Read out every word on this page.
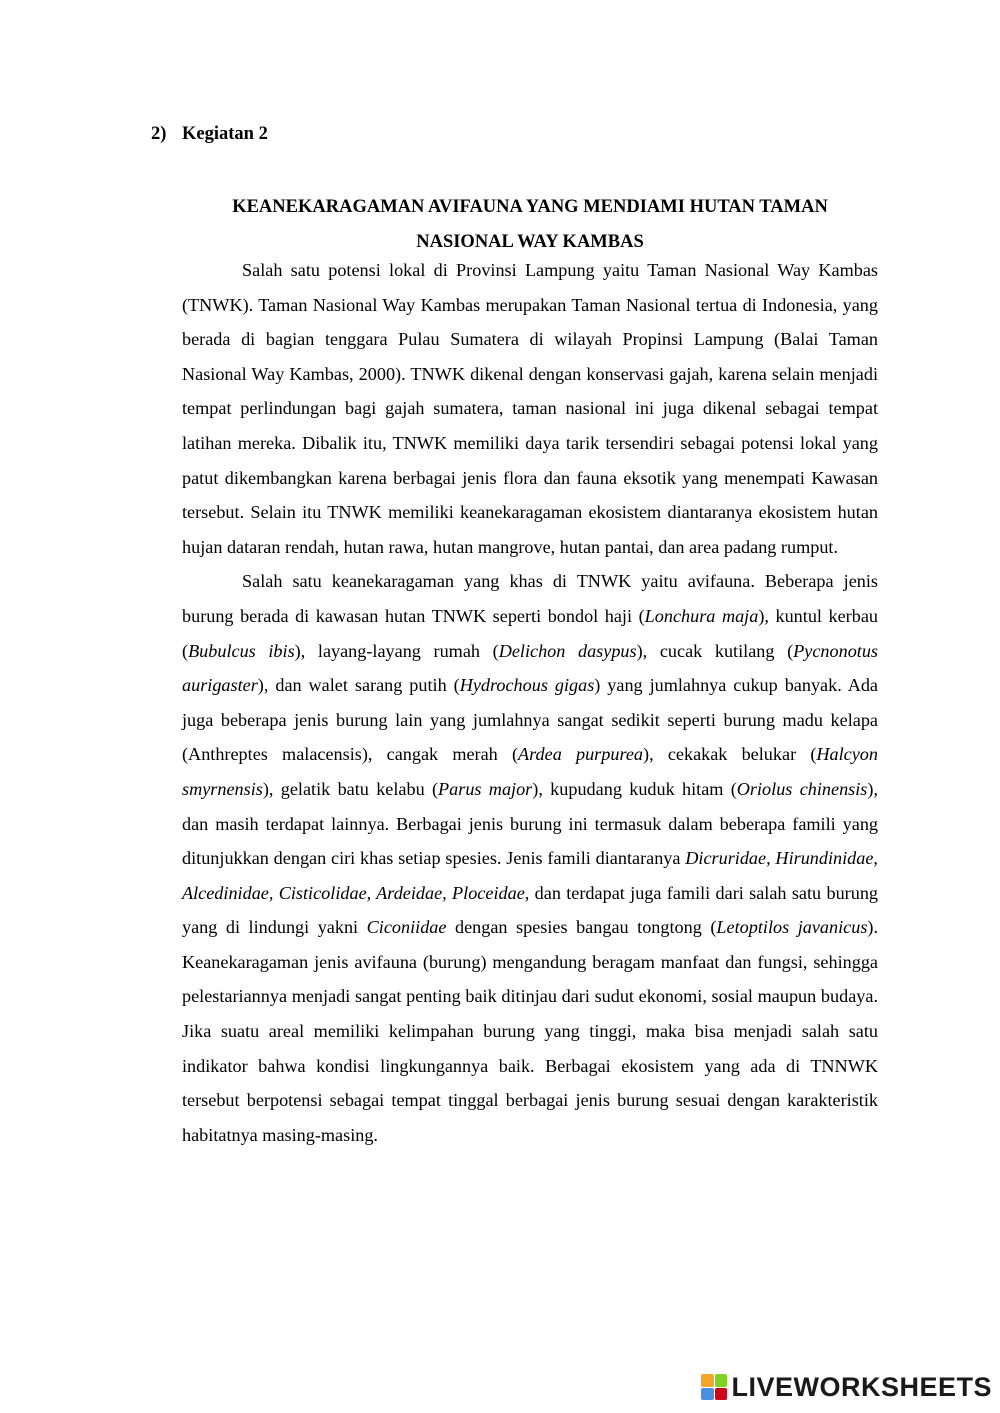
2) Kegiatan 2

KEANEKARAGAMAN AVIFAUNA YANG MENDIAMI HUTAN TAMAN
NASIONAL WAY KAMBAS

Salah satu potensi lokal di Provinsi Lampung yaitu Taman Nasional Way Kambas (TNWK). Taman Nasional Way Kambas merupakan Taman Nasional tertua di Indonesia, yang berada di bagian tenggara Pulau Sumatera di wilayah Propinsi Lampung (Balai Taman Nasional Way Kambas, 2000). TNWK dikenal dengan konservasi gajah, karena selain menjadi tempat perlindungan bagi gajah sumatera, taman nasional ini juga dikenal sebagai tempat latihan mereka. Dibalik itu, TNWK memiliki daya tarik tersendiri sebagai potensi lokal yang patut dikembangkan karena berbagai jenis flora dan fauna eksotik yang menempati Kawasan tersebut. Selain itu TNWK memiliki keanekaragaman ekosistem diantaranya ekosistem hutan hujan dataran rendah, hutan rawa, hutan mangrove, hutan pantai, dan area padang rumput.

Salah satu keanekaragaman yang khas di TNWK yaitu avifauna. Beberapa jenis burung berada di kawasan hutan TNWK seperti bondol haji (Lonchura maja), kuntul kerbau (Bubulcus ibis), layang-layang rumah (Delichon dasypus), cucak kutilang (Pycnonotus aurigaster), dan walet sarang putih (Hydrochous gigas) yang jumlahnya cukup banyak. Ada juga beberapa jenis burung lain yang jumlahnya sangat sedikit seperti burung madu kelapa (Anthreptes malacensis), cangak merah (Ardea purpurea), cekakak belukar (Halcyon smyrnensis), gelatik batu kelabu (Parus major), kupudang kuduk hitam (Oriolus chinensis), dan masih terdapat lainnya. Berbagai jenis burung ini termasuk dalam beberapa famili yang ditunjukkan dengan ciri khas setiap spesies. Jenis famili diantaranya Dicruridae, Hirundinidae, Alcedinidae, Cisticolidae, Ardeidae, Ploceidae, dan terdapat juga famili dari salah satu burung yang di lindungi yakni Ciconiidae dengan spesies bangau tongtong (Letoptilos javanicus). Keanekaragaman jenis avifauna (burung) mengandung beragam manfaat dan fungsi, sehingga pelestariannya menjadi sangat penting baik ditinjau dari sudut ekonomi, sosial maupun budaya. Jika suatu areal memiliki kelimpahan burung yang tinggi, maka bisa menjadi salah satu indikator bahwa kondisi lingkungannya baik. Berbagai ekosistem yang ada di TNNWK tersebut berpotensi sebagai tempat tinggal berbagai jenis burung sesuai dengan karakteristik habitatnya masing-masing.

LIVEWORKSHEETS
